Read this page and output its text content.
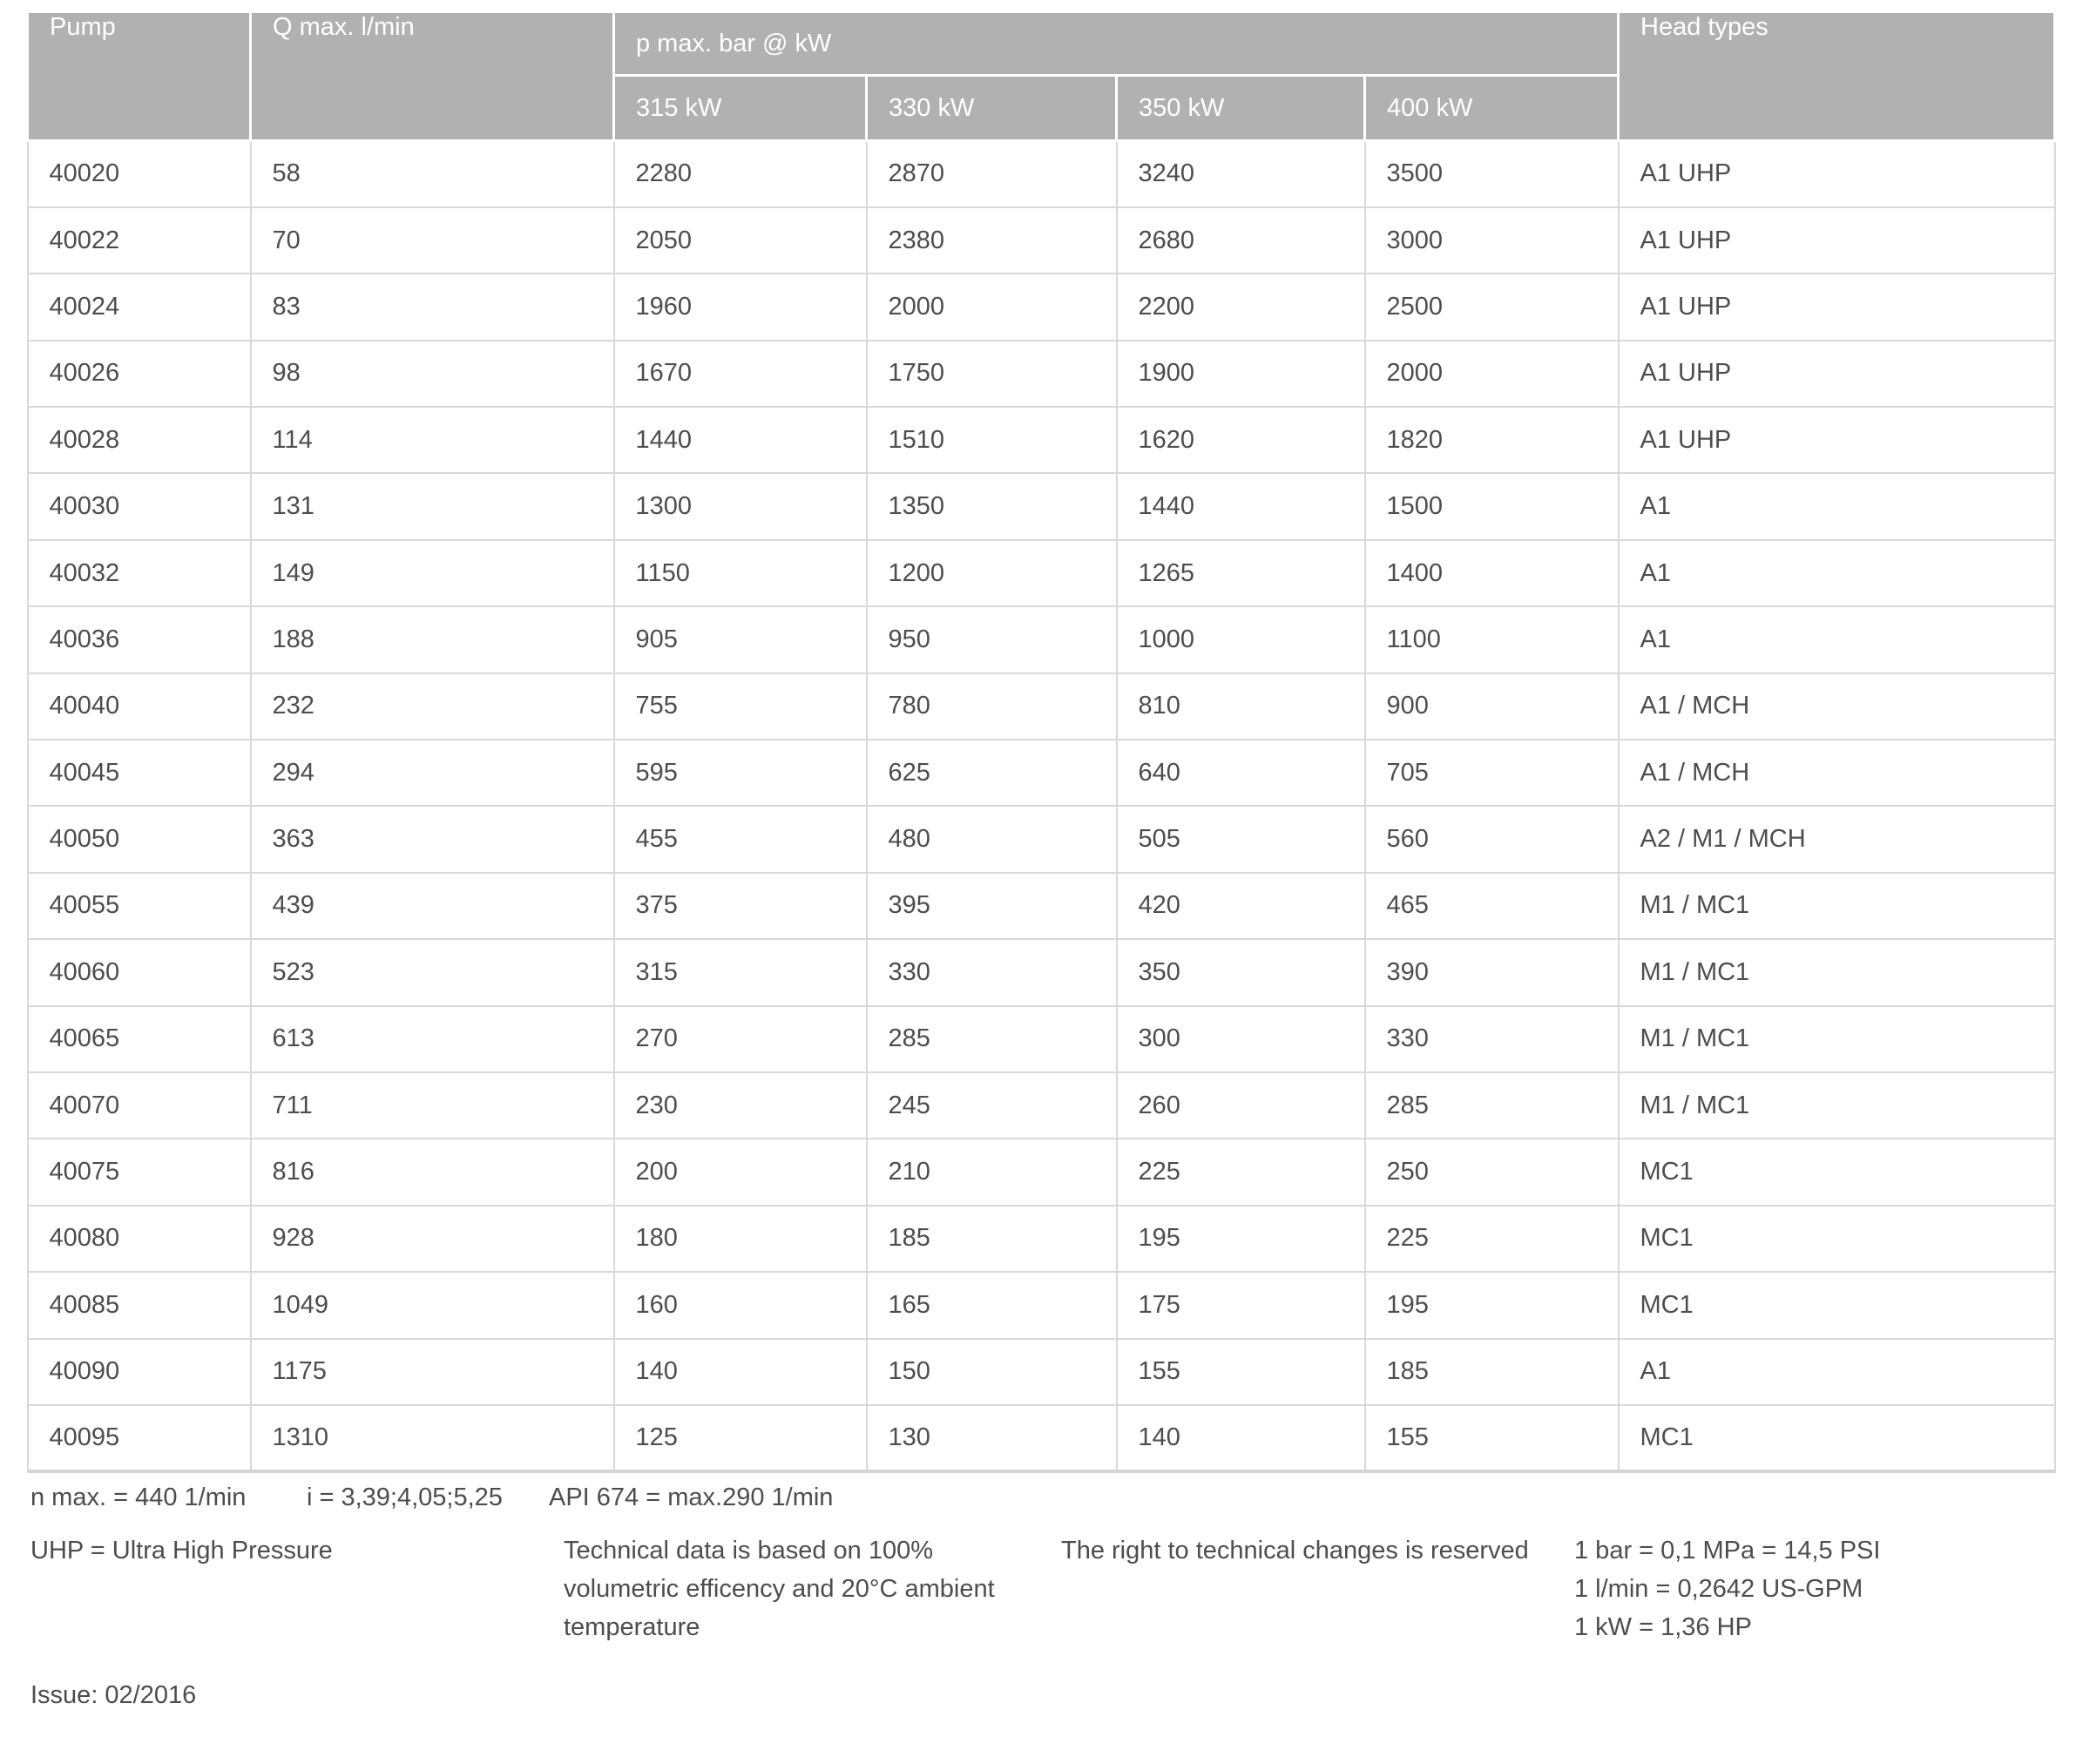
Pump	Q max. l/min	p max. bar @ kW				Head types
		315 kW	330 kW	350 kW	400 kW	
40020	58	2280	2870	3240	3500	A1 UHP
40022	70	2050	2380	2680	3000	A1 UHP
40024	83	1960	2000	2200	2500	A1 UHP
40026	98	1670	1750	1900	2000	A1 UHP
40028	114	1440	1510	1620	1820	A1 UHP
40030	131	1300	1350	1440	1500	A1
40032	149	1150	1200	1265	1400	A1
40036	188	905	950	1000	1100	A1
40040	232	755	780	810	900	A1 / MCH
40045	294	595	625	640	705	A1 / MCH
40050	363	455	480	505	560	A2 / M1 / MCH
40055	439	375	395	420	465	M1 / MC1
40060	523	315	330	350	390	M1 / MC1
40065	613	270	285	300	330	M1 / MC1
40070	711	230	245	260	285	M1 / MC1
40075	816	200	210	225	250	MC1
40080	928	180	185	195	225	MC1
40085	1049	160	165	175	195	MC1
40090	1175	140	150	155	185	A1
40095	1310	125	130	140	155	MC1
n max. = 440 1/min i = 3,39;4,05;5,25 API 674 = max.290 1/min
UHP = Ultra High Pressure	Technical data is based on 100%
volumetric efficency and 20°C ambient
temperature
The right to technical changes is reserved 1 bar = 0,1 MPa = 14,5 PSI
1 l/min = 0,2642 US-GPM
1 kW = 1,36 HP
Issue: 02/2016
